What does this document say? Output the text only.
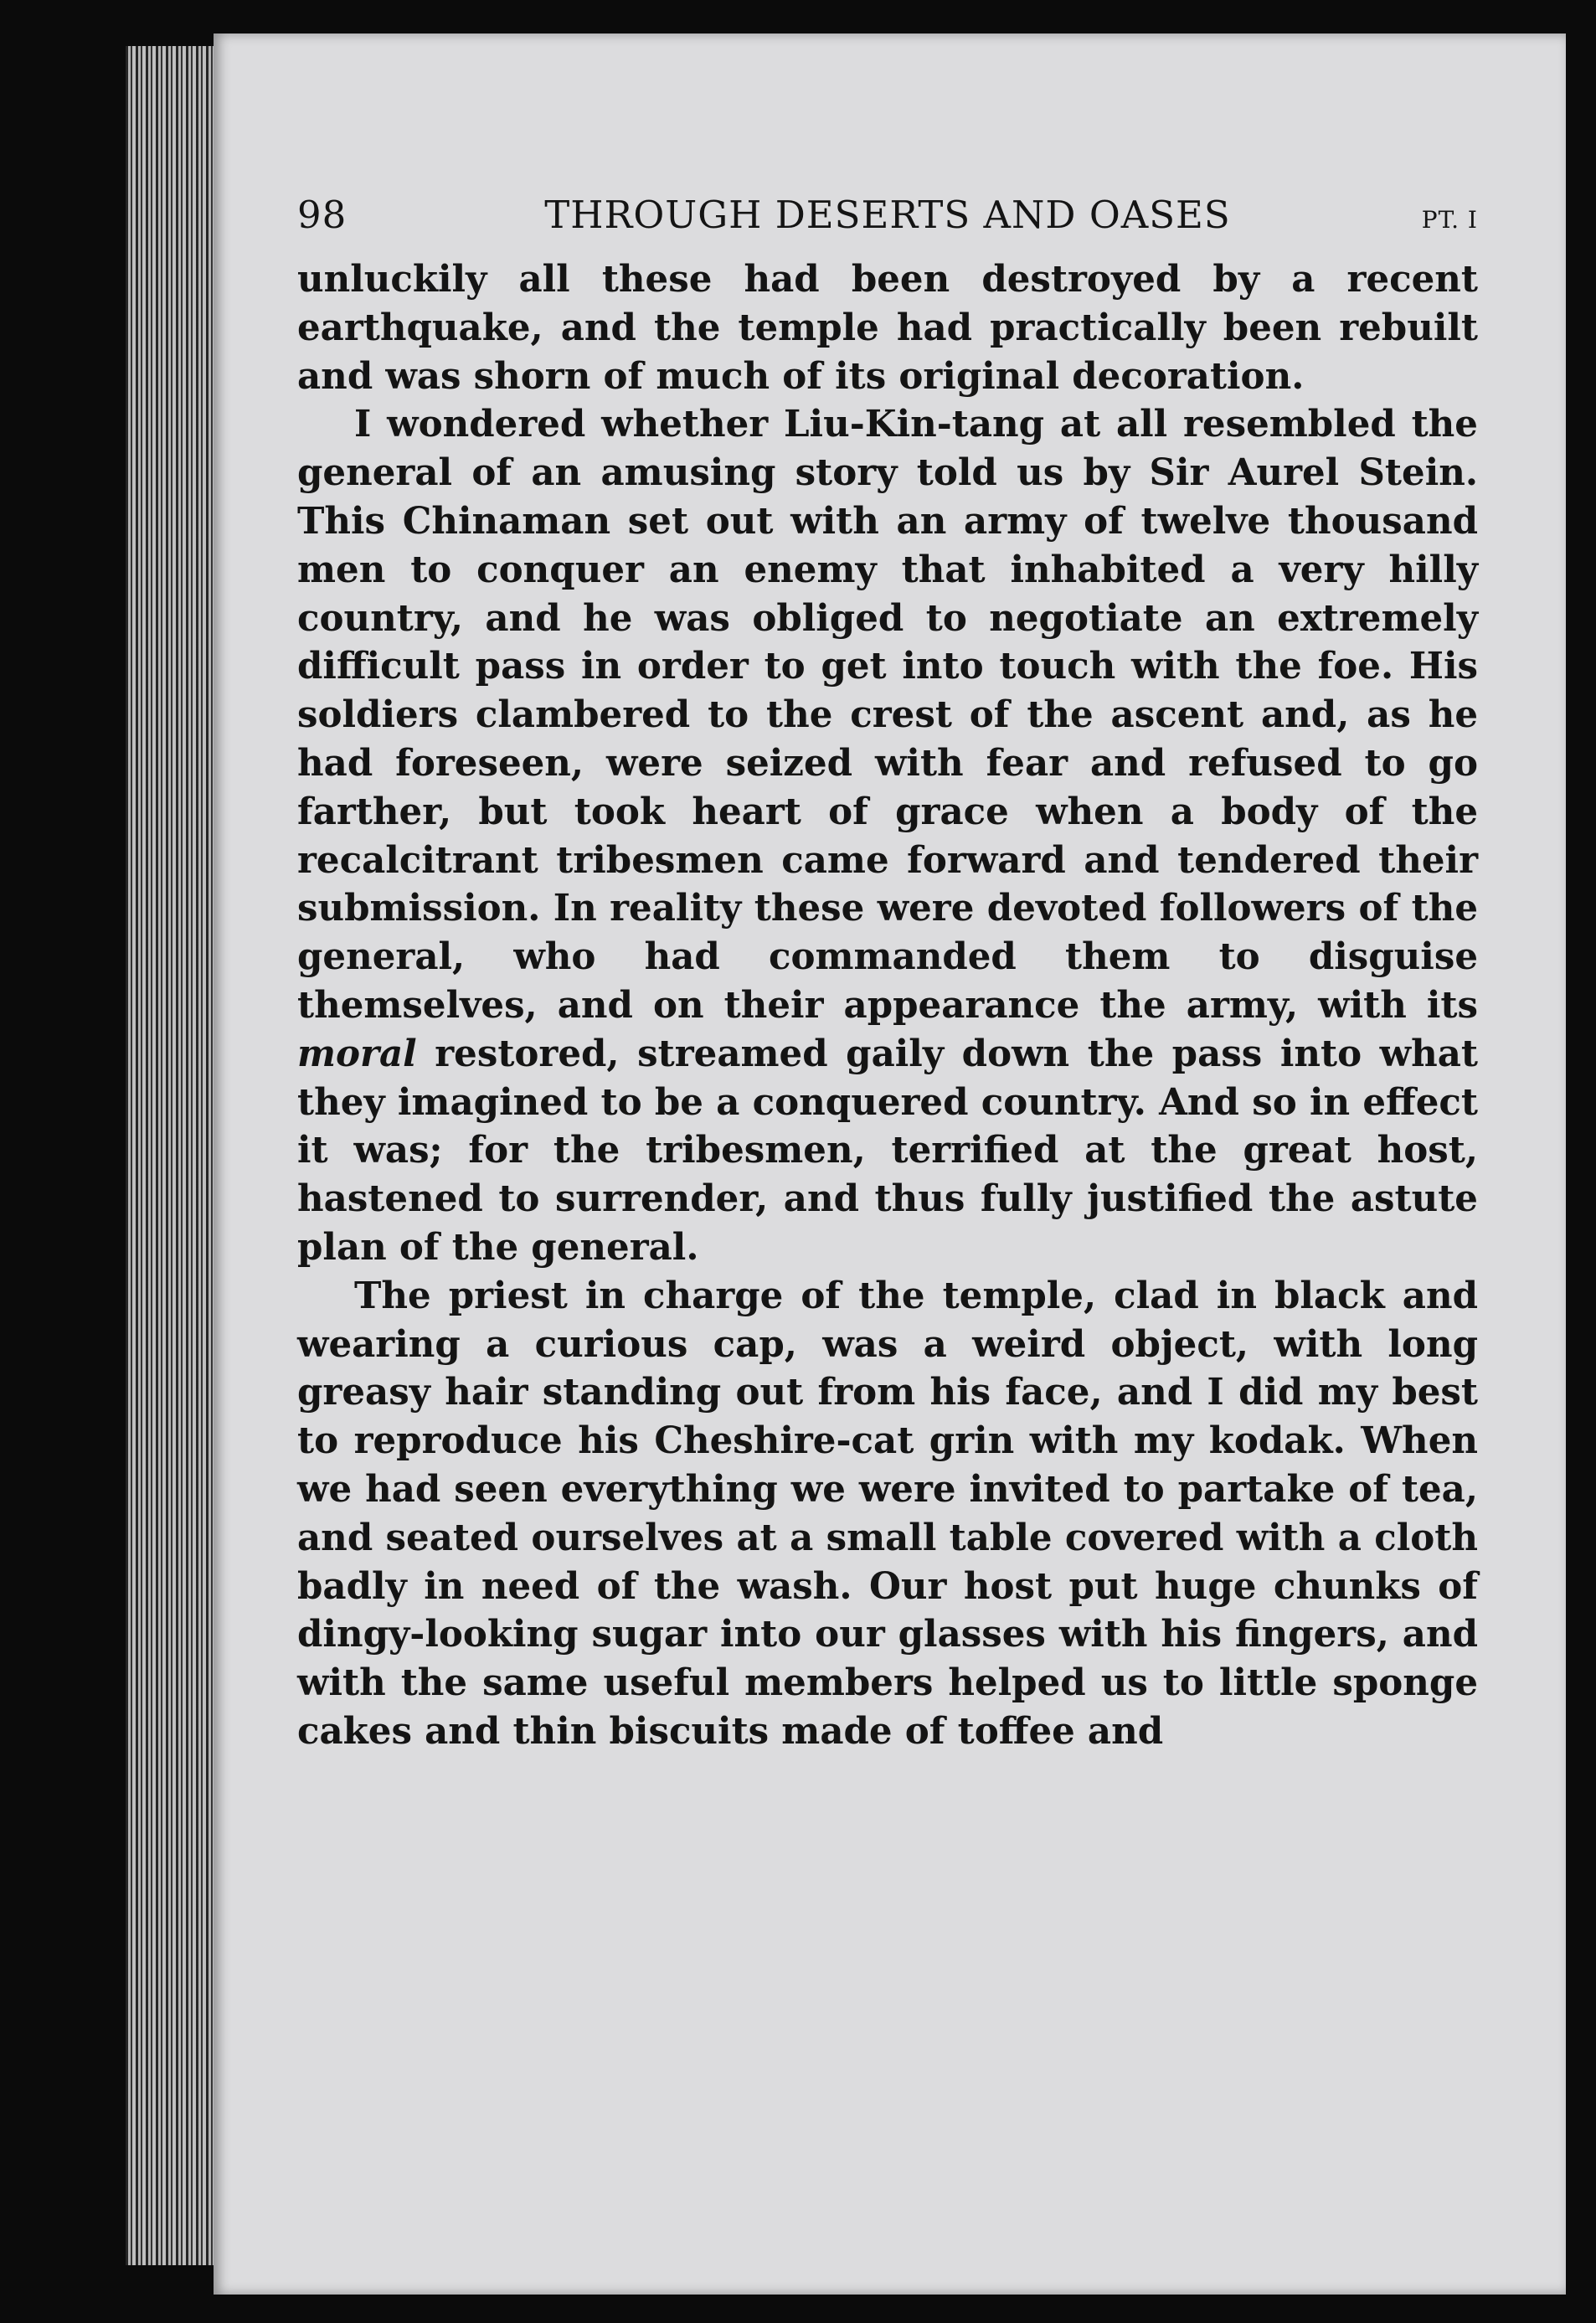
98	THROUGH DESERTS AND OASES	PT. I

unluckily all these had been destroyed by a recent earthquake, and the temple had practically been rebuilt and was shorn of much of its original decoration.

I wondered whether Liu-Kin-tang at all resembled the general of an amusing story told us by Sir Aurel Stein. This Chinaman set out with an army of twelve thousand men to conquer an enemy that inhabited a very hilly country, and he was obliged to negotiate an extremely difficult pass in order to get into touch with the foe. His soldiers clambered to the crest of the ascent and, as he had foreseen, were seized with fear and refused to go farther, but took heart of grace when a body of the recalcitrant tribesmen came forward and tendered their submission. In reality these were devoted followers of the general, who had commanded them to disguise themselves, and on their appearance the army, with its moral restored, streamed gaily down the pass into what they imagined to be a conquered country. And so in effect it was; for the tribesmen, terrified at the great host, hastened to surrender, and thus fully justified the astute plan of the general.

The priest in charge of the temple, clad in black and wearing a curious cap, was a weird object, with long greasy hair standing out from his face, and I did my best to reproduce his Cheshire-cat grin with my kodak. When we had seen everything we were invited to partake of tea, and seated ourselves at a small table covered with a cloth badly in need of the wash. Our host put huge chunks of dingy-looking sugar into our glasses with his fingers, and with the same useful members helped us to little sponge cakes and thin biscuits made of toffee and
